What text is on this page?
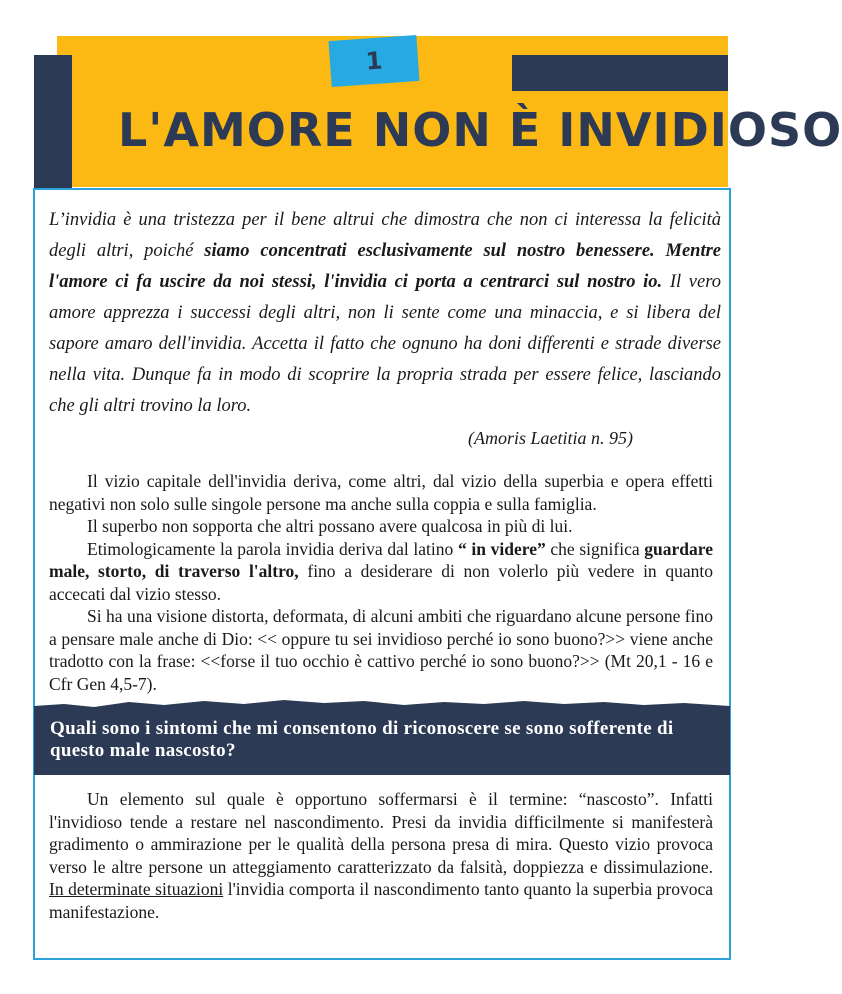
1
L'AMORE NON È INVIDIOSO

L’invidia è una tristezza per il bene altrui che dimostra che non ci interessa la felicità degli altri, poiché siamo concentrati esclusivamente sul nostro benessere. Mentre l'amore ci fa uscire da noi stessi, l'invidia ci porta a centrarci sul nostro io. Il vero amore apprezza i successi degli altri, non li sente come una minaccia, e si libera del sapore amaro dell'invidia. Accetta il fatto che ognuno ha doni differenti e strade diverse nella vita. Dunque fa in modo di scoprire la propria strada per essere felice, lasciando che gli altri trovino la loro.

(Amoris Laetitia n. 95)

Il vizio capitale dell'invidia deriva, come altri, dal vizio della superbia e opera effetti negativi non solo sulle singole persone ma anche sulla coppia e sulla famiglia.

Il superbo non sopporta che altri possano avere qualcosa in più di lui.

Etimologicamente la parola invidia deriva dal latino “ in videre” che significa guardare male, storto, di traverso l'altro, fino a desiderare di non volerlo più vedere in quanto accecati dal vizio stesso.

Si ha una visione distorta, deformata, di alcuni ambiti che riguardano alcune persone fino a pensare male anche di Dio: << oppure tu sei invidioso perché io sono buono?>> viene anche tradotto con la frase: <<forse il tuo occhio è cattivo perché io sono buono?>> (Mt 20,1 - 16 e Cfr Gen 4,5-7).

Quali sono i sintomi che mi consentono di riconoscere se sono sofferente di questo male nascosto?

Un elemento sul quale è opportuno soffermarsi è il termine: “nascosto”. Infatti l'invidioso tende a restare nel nascondimento. Presi da invidia difficilmente si manifesterà gradimento o ammirazione per le qualità della persona presa di mira. Questo vizio provoca verso le altre persone un atteggiamento caratterizzato da falsità, doppiezza e dissimulazione. In determinate situazioni l'invidia comporta il nascondimento tanto quanto la superbia provoca manifestazione.
